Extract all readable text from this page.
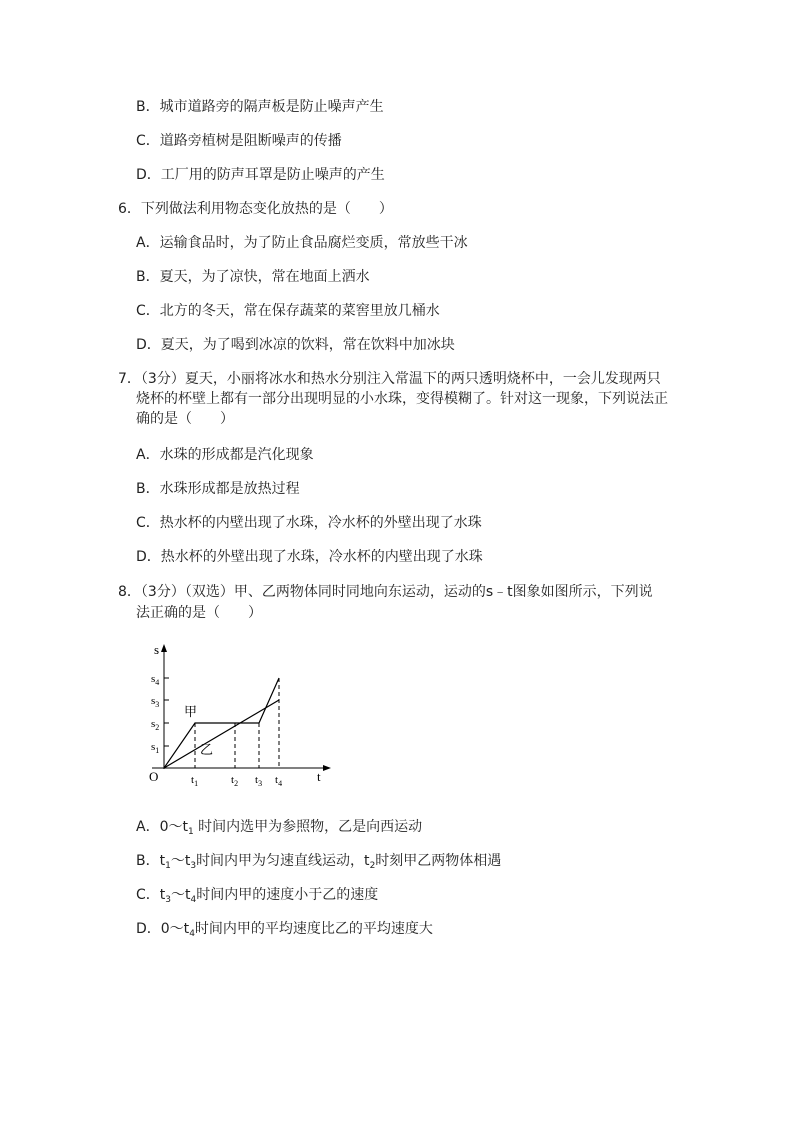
B．城市道路旁的隔声板是防止噪声产生
C．道路旁植树是阻断噪声的传播
D．工厂用的防声耳罩是防止噪声的产生
6．下列做法利用物态变化放热的是（　　）
A．运输食品时，为了防止食品腐烂变质，常放些干冰
B．夏天，为了凉快，常在地面上洒水
C．北方的冬天，常在保存蔬菜的菜窖里放几桶水
D．夏天，为了喝到冰凉的饮料，常在饮料中加冰块
7．（3分）夏天，小丽将冰水和热水分别注入常温下的两只透明烧杯中，一会儿发现两只
烧杯的杯壁上都有一部分出现明显的小水珠，变得模糊了。针对这一现象，下列说法正
确的是（　　）
A．水珠的形成都是汽化现象
B．水珠形成都是放热过程
C．热水杯的内壁出现了水珠，冷水杯的外壁出现了水珠
D．热水杯的外壁出现了水珠，冷水杯的内壁出现了水珠
8．（3分）（双选）甲、乙两物体同时同地向东运动，运动的s﹣t图象如图所示，下列说
法正确的是（　　）
s
t
O
$s_4$
$s_3$
$s_2$
$s_1$
$t_1$	$t_2$ $t_3$ $t_4$
甲
乙
A．$0\sim t_1$ 时间内选甲为参照物，乙是向西运动
B．$t_1\sim t_3$时间内甲为匀速直线运动，$t_2$时刻甲乙两物体相遇
C．$t_3\sim t_4$时间内甲的速度小于乙的速度
D．$0\sim t_4$时间内甲的平均速度比乙的平均速度大
